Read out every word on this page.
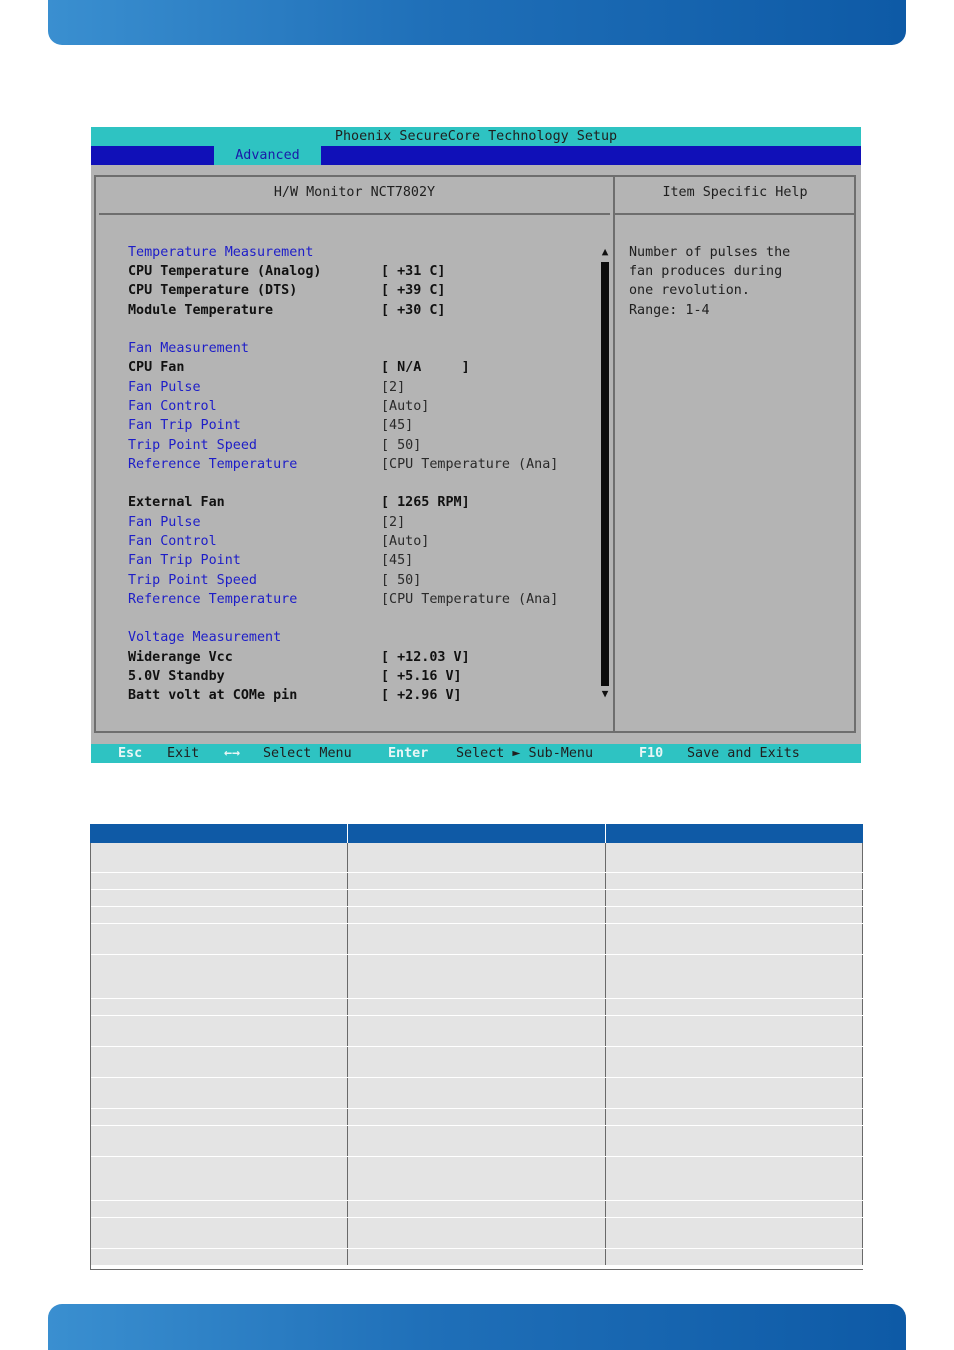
Phoenix SecureCore Technology Setup
Advanced
H/W Monitor NCT7802Y	Item Specific Help
Temperature Measurement
CPU Temperature (Analog)	[ +31 C]
CPU Temperature (DTS)	[ +39 C]
Module Temperature	[ +30 C]
Fan Measurement
CPU Fan	[ N/A     ]
Fan Pulse	[2]
Fan Control	[Auto]
Fan Trip Point	[45]
Trip Point Speed	[ 50]
Reference Temperature	[CPU Temperature (Ana]
External Fan	[ 1265 RPM]
Fan Pulse	[2]
Fan Control	[Auto]
Fan Trip Point	[45]
Trip Point Speed	[ 50]
Reference Temperature	[CPU Temperature (Ana]
Voltage Measurement
Widerange Vcc	[ +12.03 V]
5.0V Standby	[ +5.16 V]
Batt volt at COMe pin	[ +2.96 V]
▲
▼
Number of pulses the
fan produces during
one revolution.
Range: 1-4

Esc

Exit

←→

Select Menu

	Enter

Select ► Sub-Menu

	F10

Save and Exits
